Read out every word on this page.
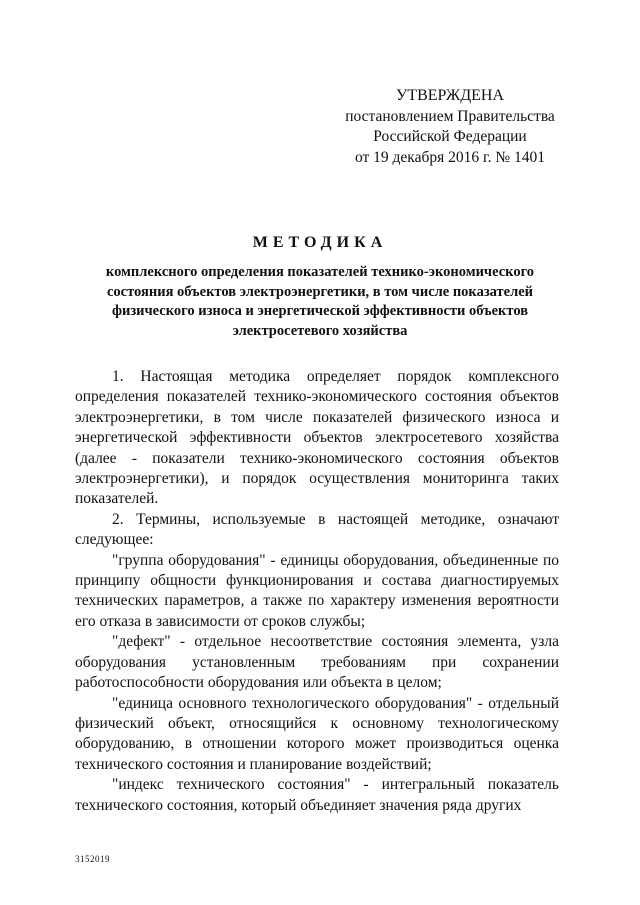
УТВЕРЖДЕНА
постановлением Правительства
Российской Федерации
от 19 декабря 2016 г. № 1401
МЕТОДИКА
комплексного определения показателей технико-экономического
состояния объектов электроэнергетики, в том числе показателей
физического износа и энергетической эффективности объектов
электросетевого хозяйства

1. Настоящая методика определяет порядок комплексного определения показателей технико-экономического состояния объектов электроэнергетики, в том числе показателей физического износа и энергетической эффективности объектов электросетевого хозяйства (далее - показатели технико-экономического состояния объектов электроэнергетики), и порядок осуществления мониторинга таких показателей.

2. Термины, используемые в настоящей методике, означают следующее:

"группа оборудования" - единицы оборудования, объединенные по принципу общности функционирования и состава диагностируемых технических параметров, а также по характеру изменения вероятности его отказа в зависимости от сроков службы;

"дефект" - отдельное несоответствие состояния элемента, узла оборудования установленным требованиям при сохранении работоспособности оборудования или объекта в целом;

"единица основного технологического оборудования" - отдельный физический объект, относящийся к основному технологическому оборудованию, в отношении которого может производиться оценка технического состояния и планирование воздействий;

"индекс технического состояния" - интегральный показатель технического состояния, который объединяет значения ряда других

3152019
